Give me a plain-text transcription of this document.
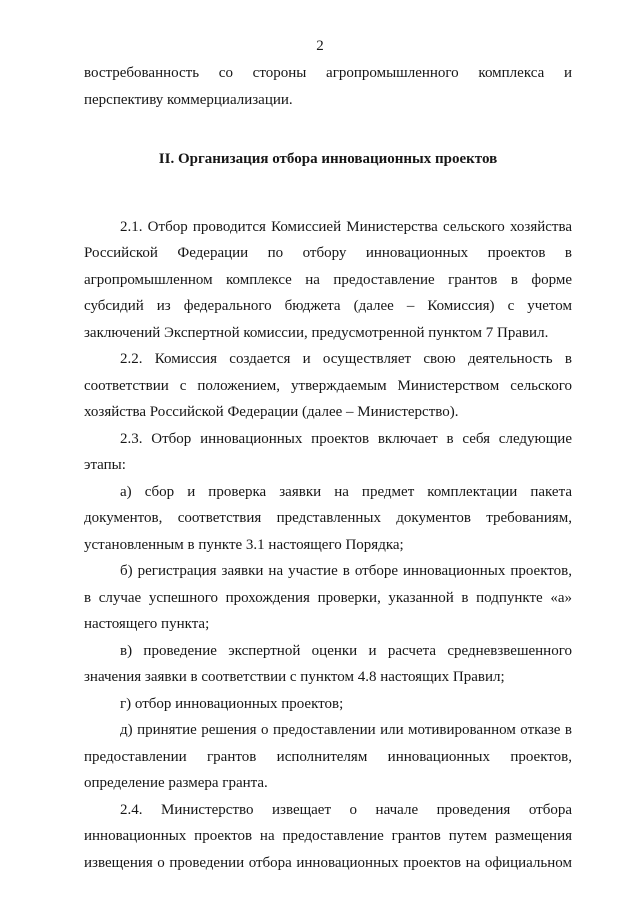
2

востребованность со стороны агропромышленного комплекса и перспективу коммерциализации.

II. Организация отбора инновационных проектов

2.1. Отбор проводится Комиссией Министерства сельского хозяйства Российской Федерации по отбору инновационных проектов в агропромышленном комплексе на предоставление грантов в форме субсидий из федерального бюджета (далее – Комиссия) с учетом заключений Экспертной комиссии, предусмотренной пунктом 7 Правил.

2.2. Комиссия создается и осуществляет свою деятельность в соответствии с положением, утверждаемым Министерством сельского хозяйства Российской Федерации (далее – Министерство).

2.3. Отбор инновационных проектов включает в себя следующие этапы:

а) сбор и проверка заявки на предмет комплектации пакета документов, соответствия представленных документов требованиям, установленным в пункте 3.1 настоящего Порядка;

б) регистрация заявки на участие в отборе инновационных проектов, в случае успешного прохождения проверки, указанной в подпункте «а» настоящего пункта;

в) проведение экспертной оценки и расчета средневзвешенного значения заявки в соответствии с пунктом 4.8 настоящих Правил;

г) отбор инновационных проектов;

д) принятие решения о предоставлении или мотивированном отказе в предоставлении грантов исполнителям инновационных проектов, определение размера гранта.

2.4. Министерство извещает о начале проведения отбора инновационных проектов на предоставление грантов путем размещения извещения о проведении отбора инновационных проектов на официальном
